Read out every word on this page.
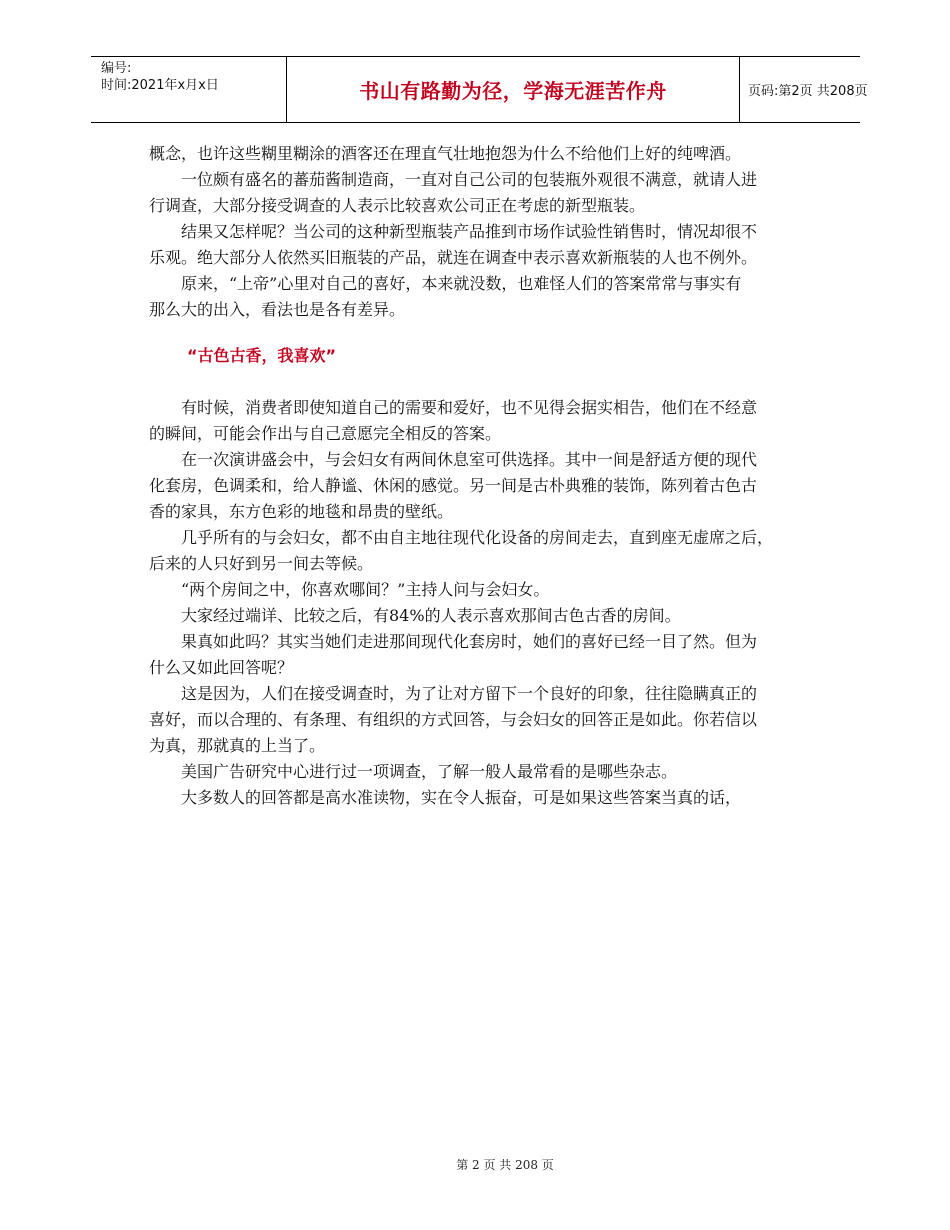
编号:
时间:2021年x月x日	书山有路勤为径，学海无涯苦作舟	页码:第2页 共208页

概念，也许这些糊里糊涂的酒客还在理直气壮地抱怨为什么不给他们上好的纯啤酒。

一位颇有盛名的蕃茄酱制造商，一直对自己公司的包装瓶外观很不满意，就请人进

行调查，大部分接受调查的人表示比较喜欢公司正在考虑的新型瓶装。

结果又怎样呢？当公司的这种新型瓶装产品推到市场作试验性销售时，情况却很不

乐观。绝大部分人依然买旧瓶装的产品，就连在调查中表示喜欢新瓶装的人也不例外。

原来，“上帝”心里对自己的喜好，本来就没数，也难怪人们的答案常常与事实有

那么大的出入，看法也是各有差异。

“古色古香，我喜欢”

有时候，消费者即使知道自己的需要和爱好，也不见得会据实相告，他们在不经意

的瞬间，可能会作出与自己意愿完全相反的答案。

在一次演讲盛会中，与会妇女有两间休息室可供选择。其中一间是舒适方便的现代

化套房，色调柔和，给人静谧、休闲的感觉。另一间是古朴典雅的装饰，陈列着古色古

香的家具，东方色彩的地毯和昂贵的壁纸。

几乎所有的与会妇女，都不由自主地往现代化设备的房间走去，直到座无虚席之后，

后来的人只好到另一间去等候。

“两个房间之中，你喜欢哪间？”主持人问与会妇女。

大家经过端详、比较之后，有84%的人表示喜欢那间古色古香的房间。

果真如此吗？其实当她们走进那间现代化套房时，她们的喜好已经一目了然。但为

什么又如此回答呢？

这是因为，人们在接受调查时，为了让对方留下一个良好的印象，往往隐瞒真正的

喜好，而以合理的、有条理、有组织的方式回答，与会妇女的回答正是如此。你若信以

为真，那就真的上当了。

美国广告研究中心进行过一项调查，了解一般人最常看的是哪些杂志。

大多数人的回答都是高水准读物，实在令人振奋，可是如果这些答案当真的话，

第 2 页 共 208 页
